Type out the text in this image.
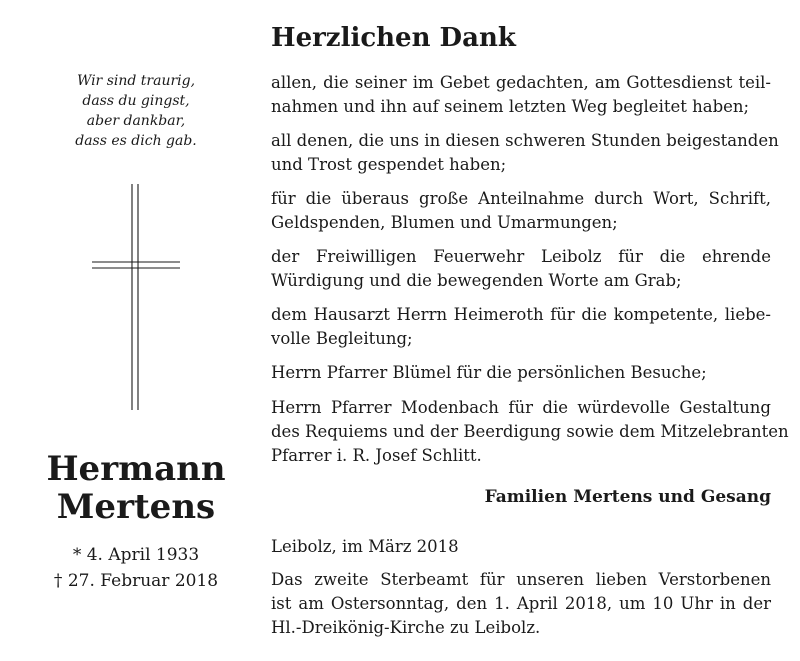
Wir sind traurig,
dass du gingst,
aber dankbar,
dass es dich gab.
Hermann
Mertens
* 4. April 1933
† 27. Februar 2018
Herzlichen Dank
allen, die seiner im Gebet gedachten, am Gottesdienst teil-
nahmen und ihn auf seinem letzten Weg begleitet haben;
all denen, die uns in diesen schweren Stunden beigestanden
und Trost gespendet haben;
für die überaus große Anteilnahme durch Wort, Schrift,
Geldspenden, Blumen und Umarmungen;
der Freiwilligen Feuerwehr Leibolz für die ehrende
Würdigung und die bewegenden Worte am Grab;
dem Hausarzt Herrn Heimeroth für die kompetente, liebe-
volle Begleitung;
Herrn Pfarrer Blümel für die persönlichen Besuche;
Herrn Pfarrer Modenbach für die würdevolle Gestaltung
des Requiems und der Beerdigung sowie dem Mitzelebranten
Pfarrer i. R. Josef Schlitt.
Familien Mertens und Gesang
Leibolz, im März 2018
Das zweite Sterbeamt für unseren lieben Verstorbenen
ist am Ostersonntag, den 1. April 2018, um 10 Uhr in der
Hl.-Dreikönig-Kirche zu Leibolz.
